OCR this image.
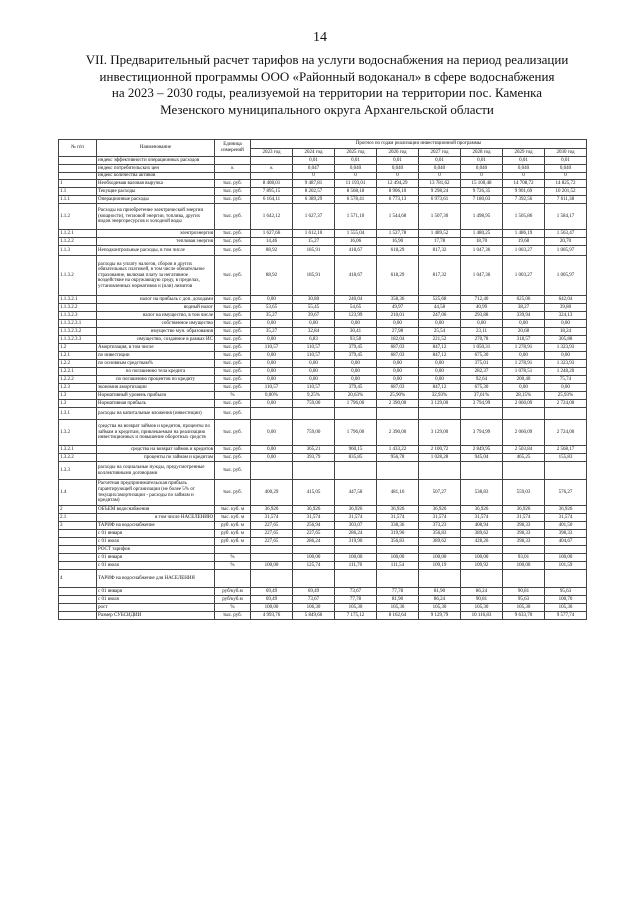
14
VII. Предварительный расчет тарифов на услуги водоснабжения на период реализации
инвестиционной программы ООО «Районный водоканал» в сфере водоснабжения
на 2023 – 2030 годы, реализуемой на территории на территории пос. Каменка
Мезенского муниципального округа Архангельской области
№ п/п	Наименование	Единица измерений	Прогноз по годам реализации инвестиционной программы							
			2023 год	2024 год	2025 год	2026 год	2027 год	2028 год	2029 год	2030 год
	индекс эффективности операционных расходов			0,01	0,01	0,01	0,01	0,01	0,01	0,01
	индекс потребительских цен	к	к	0,047	0,040	0,040	0,040	0,040	0,040	0,040
	индекс количества активов			0	0	0	0	0	0	0
1	Необходимая валовая выручка	тыс. руб.	8 408,01	9 487,81	11 193,01	12 494,29	13 781,62	15 100,48	14 708,72	14 825,72
1.1	Текущие расходы	тыс. руб.	7 895,15	8 202,57	8 568,18	8 906,10	9 298,24	9 726,35	9 901,69	10 201,52
1.1.1	Операционные расходы	тыс. руб.	6 164,11	6 389,29	6 578,41	6 773,13	6 973,61	7 180,03	7 392,56	7 611,38
1.1.2	Расходы на приобретение электрической энергии (мощности), тепловой энергии, топлива, других видов энергоресурсов и холодной воды	тыс. руб.	1 642,12	1 627,37	1 571,10	1 544,68	1 507,30	1 498,95	1 505,86	1 584,17
1.1.2.1	электроэнергия	тыс. руб.	1 627,66	1 612,10	1 555,04	1 527,78	1 489,52	1 480,25	1 486,19	1 563,47
1.1.2.2	тепловая энергия	тыс. руб.	14,46	15,27	16,06	16,90	17,78	18,70	19,68	20,70
1.1.3	Неподконтрольные расходы, в том числе	тыс. руб.	88,92	185,91	418,67	618,29	817,32	1 047,36	1 003,27	1 005,97
1.1.3.2	расходы на уплату налогов, сборов и других обязательных платежей, в том числе обязательное страхование, включая плату за негативное воздействие на окружающую среду, в пределах, установленных нормативов и (или) лимитов	тыс. руб.	88,92	185,91	418,67	618,29	817,32	1 047,36	1 003,27	1 005,97
1.1.3.2.1	налог на прибыль с доп. доходами	тыс. руб.	0,00	30,80	240,04	358,36	525,68	712,40	625,06	642,04
1.1.3.2.2	водный налог	тыс. руб.	53,65	55,45	54,65	49,97	44,58	40,99	38,27	39,80
1.1.3.2.3	налог на имущество, в том числе	тыс. руб.	35,27	39,67	123,99	210,01	247,06	293,88	339,94	324,13
1.1.3.2.3.1	собственное имущество	тыс. руб.	0,00	0,00	0,00	0,00	0,00	0,00	0,00	0,00
1.1.3.2.3.2	имущество мун. образования	тыс. руб.	35,27	32,84	30,41	27,98	25,54	23,11	20,68	18,24
1.1.3.2.3.3	имущество, созданное в рамках ИС	тыс. руб.	0,00	6,83	93,58	182,04	221,52	270,78	318,57	305,88
1.2	Амортизация, в том числе	тыс. руб.	110,57	110,57	379,45	687,03	847,12	1 050,31	1 278,91	1 323,93
1.2.1	по инвестиции	тыс. руб.	0,00	110,57	379,45	687,03	847,12	675,30	0,00	0,00
1.2.2	по основным средствам%	тыс. руб.	0,00	0,00	0,00	0,00	0,00	375,01	1 278,91	1 323,93
1.2.2.1	по погашению тела кредита	тыс. руб.	0,00	0,00	0,00	0,00	0,00	282,37	1 078,51	1 248,20
1.2.2.2	по погашению процентов по кредиту	тыс. руб.	0,00	0,00	0,00	0,00	0,00	92,64	200,40	75,74
1.2.3	экономия амортизации	тыс. руб.	110,57	110,57	379,45	687,03	847,12	675,30	0,00	0,00
1.3	Нормативный уровень прибыли	%	0,00%	9,25%	20,63%	25,90%	32,93%	37,61%	28,15%	25,93%
1.3	Нормативная прибыль	тыс. руб.	0,00	759,00	1 796,00	2 390,00	3 129,00	3 794,99	2 060,09	2 724,00
1.3.1	расходы на капитальные вложения (инвестиции)	тыс. руб.								
1.3.2	средства на возврат займов и кредитов, проценты по займам и кредитам, привлекаемым на реализацию инвестиционных и повышение оборотных средств	тыс. руб.	0,00	759,00	1 796,00	2 390,00	3 129,00	3 794,99	2 060,09	2 724,00
1.3.2.1	средства на возврат займов и кредитов	тыс. руб.	0,00	365,21	960,15	1 433,22	2 100,72	2 849,95	2 503,84	2 568,17
1.3.2.2	проценты по займам и кредитам	тыс. руб.	0,00	393,79	835,85	956,78	1 028,28	945,04	465,25	155,83
1.3.3	расходы на социальные нужды, предусмотренные коллективными договорами	тыс. руб.								
1.4	Расчетная предпринимательская прибыль гарантирующей организации (не более 5% от текущих/амортизации - расходы по займам и кредитам)	тыс. руб.	400,29	415,05	447,58	481,16	507,27	538,83	559,03	576,27
2	ОБЪЕМ водоснабжения	тыс. куб. м	36,926	36,926	36,926	36,926	36,926	36,926	36,926	36,926
2.1	в том числе НАСЕЛЕНИЮ	тыс. куб. м	31,574	31,574	31,574	31,574	31,574	31,574	31,574	31,574
3	ТАРИФ на водоснабжение	руб. куб. м	227,65	256,94	303,07	338,36	373,23	408,94	398,33	401,50
	с 01 января	руб. куб. м	227,65	227,65	286,24	319,90	356,83	389,62	398,33	398,33
	с 01 июля	руб. куб. м	227,65	286,24	319,90	356,83	389,62	428,26	398,33	404,67
	РОСТ тарифов									
	с 01 января	%		100,00	100,00	100,00	100,00	100,00	93,01	100,00
	с 01 июля	%	100,00	125,74	111,76	111,54	109,19	109,92	100,00	101,59
4	ТАРИФ на водоснабжение для НАСЕЛЕНИЯ									
	с 01 января	руб/куб.м	69,49	69,49	73,67	77,78	81,90	86,24	90,81	95,63
	с 01 июля	руб/куб.м	69,49	73,67	77,78	81,90	86,24	90,81	95,63	100,70
	рост	%	100,00	106,30	105,30	105,30	105,30	105,30	105,30	105,30
	Размер СУБСИДИИ	тыс. руб.	4 993,76	5 849,66	7 175,12	8 162,64	9 129,79	10 116,83	9 633,70	9 577,74
